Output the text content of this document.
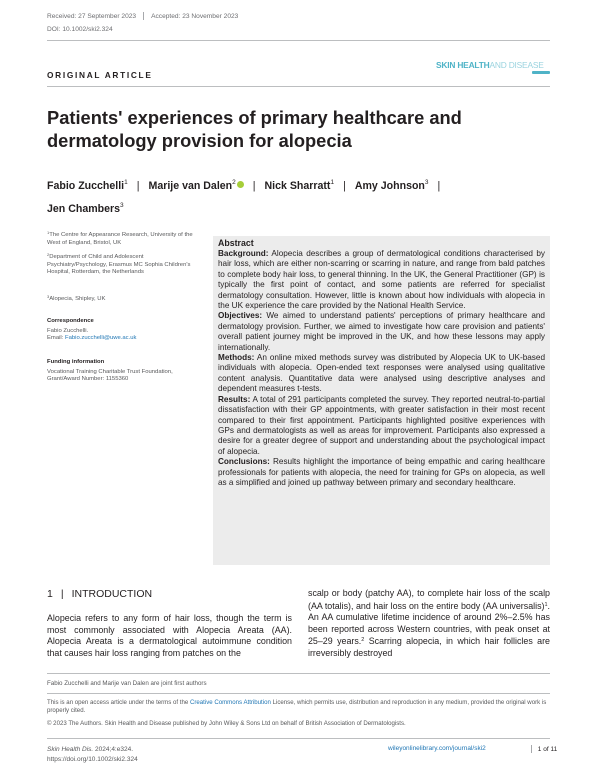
Received: 27 September 2023 Accepted: 23 November 2023
DOI: 10.1002/ski2.324
ORIGINAL ARTICLE
SKIN HEALTHAND DISEASE
Patients' experiences of primary healthcare and
dermatology provision for alopecia
Fabio Zucchelli$^1$ | Marije van Dalen$^2$ | Nick Sharratt$^1$ | Amy Johnson$^3$ |
Jen Chambers$^3$
$^1$The Centre for Appearance Research, University of the West of England, Bristol, UK
$^2$Department of Child and Adolescent Psychiatry/Psychology, Erasmus MC Sophia Children's Hospital, Rotterdam, the Netherlands
$^3$Alopecia, Shipley, UK
Correspondence
Fabio Zucchelli.
Email: Fabio.zucchelli@uwe.ac.uk
Funding information
Vocational Training Charitable Trust Foundation, Grant/Award Number: 1155360
Abstract

Background: Alopecia describes a group of dermatological conditions characterised by hair loss, which are either non-scarring or scarring in nature, and range from bald patches to complete body hair loss, to general thinning. In the UK, the General Practitioner (GP) is typically the first point of contact, and some patients are referred for specialist dermatology consultation. However, little is known about how individuals with alopecia in the UK experience the care provided by the National Health Service.

Objectives: We aimed to understand patients' perceptions of primary healthcare and dermatology provision. Further, we aimed to investigate how care provision and patients' overall patient journey might be improved in the UK, and how these lessons may apply internationally.

Methods: An online mixed methods survey was distributed by Alopecia UK to UK-based individuals with alopecia. Open-ended text responses were analysed using qualitative content analysis. Quantitative data were analysed using descriptive analyses and dependent measures t-tests.

Results: A total of 291 participants completed the survey. They reported neutral-to-partial dissatisfaction with their GP appointments, with greater satisfaction in their most recent compared to their first appointment. Participants highlighted positive experiences with GPs and dermatologists as well as areas for improvement. Participants also expressed a desire for a greater degree of support and understanding about the psychological impact of alopecia.

Conclusions: Results highlight the importance of being empathic and caring healthcare professionals for patients with alopecia, the need for training for GPs on alopecia, as well as a simplified and joined up pathway between primary and secondary healthcare.

1 | INTRODUCTION
Alopecia refers to any form of hair loss, though the term is most commonly associated with Alopecia Areata (AA). Alopecia Areata is a dermatological autoimmune condition that causes hair loss ranging from patches on the
scalp or body (patchy AA), to complete hair loss of the scalp (AA totalis), and hair loss on the entire body (AA universalis)$^1$. An AA cumulative lifetime incidence of around 2%–2.5% has been reported across Western countries, with peak onset at 25–29 years.$^2$ Scarring alopecia, in which hair follicles are irreversibly destroyed
Fabio Zucchelli and Marije van Dalen are joint first authors
This is an open access article under the terms of the Creative Commons Attribution License, which permits use, distribution and reproduction in any medium, provided the original work is properly cited.
© 2023 The Authors. Skin Health and Disease published by John Wiley & Sons Ltd on behalf of British Association of Dermatologists.
Skin Health Dis. 2024;4:e324.
https://doi.org/10.1002/ski2.324
wileyonlinelibrary.com/journal/ski2	1 of 11
